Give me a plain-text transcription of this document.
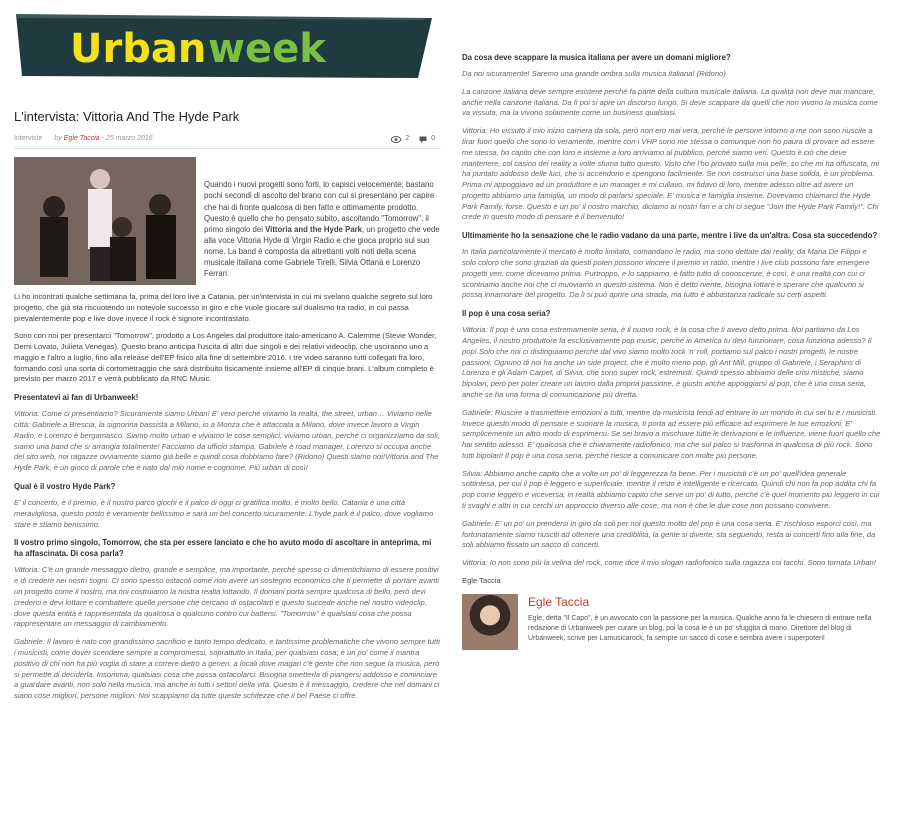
Urban week
L'intervista: Vittoria And The Hyde Park
Interviste by Egle Taccia - 25 marzo 2016	2	0

Quando i nuovi progetti sono forti, lo capisci velocemente; bastano pochi secondi di ascolto del brano con cui si presentano per capire che hai di fronte qualcosa di ben fatto e ottimamente prodotto. Questo è quello che ho pensato subito, ascoltando "Tomorrow", il primo singolo dei Vittoria and the Hyde Park, un progetto che vede alla voce Vittoria Hyde di Virgin Radio e che gioca proprio sul suo nome. La band è composta da altrettanti volti noti della scena musicale italiana come Gabriele Tirelli, Silvia Ottanà e Lorenzo Ferrari.

Li ho incontrati qualche settimana fa, prima del loro live a Catania, per un'intervista in cui mi svelano qualche segreto sul loro progetto, che già sta riscuotendo un notevole successo in giro e che vuole giocare sul dualismo tra radio, in cui passa prevalentemente pop e live dove invece il rock è signore incontrastato.

Sono con noi per presentarci "Tomorrow", prodotto a Los Angeles dal produttore italo-americano A. Calemme (Stevie Wonder, Demi Lovato, Julieta Venegas). Questo brano anticipa l'uscita di altri due singoli e dei relativi videoclip, che usciranno uno a maggio e l'altro a luglio, fino alla release dell'EP fisico alla fine di settembre 2016. I tre video saranno tutti collegati fra loro, formando così una sorta di cortometraggio che sarà distribuito fisicamente insieme all'EP di cinque brani. L'album completo è previsto per marzo 2017 e verrà pubblicato da RNC Music.

Presentatevi ai fan di Urbanweek!

Vittoria: Come ci presentiamo? Sicuramente siamo Urban! E' vero perché viviamo la realtà, the street, urban… Viviamo nelle città: Gabriele a Brescia, la signorina bassista a Milano, io a Monza che è attaccata a Milano, dove invece lavoro a Virgin Radio, e Lorenzo è bergamasco. Siamo molto urban e viviamo le cose semplici, viviamo urban, perché ci organizziamo da soli, siamo una band che si arrangia totalmente! Facciamo da ufficio stampa, Gabriele è road manager, Lorenzo si occupa anche del sito web, noi ragazze ovviamente siamo già belle e quindi cosa dobbiamo fare? (Ridono) Questi siamo noi!Vittoria and The Hyde Park, è un gioco di parole che è nato dal mio nome e cognome. Più urban di così!

Qual è il vostro Hyde Park?

E' il concerto, è il premio, è il nostro parco giochi e il palco di oggi ci gratifica molto, è molto bello. Catania è una città meravigliosa, questo posto è veramente bellissimo e sarà un bel concerto sicuramente. L'hyde park è il palco, dove vogliamo stare e stiamo benissimo.

Il vostro primo singolo, Tomorrow, che sta per essere lanciato e che ho avuto modo di ascoltare in anteprima, mi ha affascinata. Di cosa parla?

Vittoria: C'è un grande messaggio dietro, grande e semplice, ma importante, perché spesso ci dimentichiamo di essere positivi e di credere nei nostri sogni. Ci sono spesso ostacoli come non avere un sostegno economico che ti permette di portare avanti un progetto come il nostro, ma noi costruiamo la nostra realtà lottando. Il domani porta sempre qualcosa di bello, però devi crederci e devi lottare e combattere quelle persone che cercano di ostacolarti e questo succede anche nel nostro videoclip, dove questa entità è rappresentata da qualcosa o qualcuno contro cui battersi. "Tomorrow" è qualsiasi cosa che possa rappresentare un messaggio di cambiamento.

Gabriele: Il lavoro è nato con grandissimo sacrificio e tanto tempo dedicato, e tantissime problematiche che vivono sempre tutti i musicisti, come dover scendere sempre a compromessi, soprattutto in Italia, per qualsiasi cosa; è un po' come il mantra positivo di chi non ha più voglia di stare a correre dietro a generi, a locali dove magari c'è gente che non segue la musica, però si permette di deciderla. Insomma, qualsiasi cosa che possa ostacolarci. Bisogna smetterla di piangersi addosso e cominciare a guardare avanti, non solo nella musica, ma anche in tutti i settori della vita. Questo è il messaggio, credere che nel domani ci siano cose migliori, persone migliori. Noi scappiamo da tutte queste schifezze che il bel Paese ci offre.

Da cosa deve scappare la musica italiana per avere un domani migliore?

Da noi sicuramente! Saremo una grande ombra sulla musica italiana! (Ridono)

La canzone italiana deve sempre esistere perché fa parte della cultura musicale italiana. La qualità non deve mai mancare, anche nella canzone italiana. Da lì poi si apre un discorso lungo. Si deve scappare da quelli che non vivono la musica come va vissuta, ma la vivono solamente come un business qualsiasi.

Vittoria: Ho vissuto il mio inizio carriera da sola, però non ero mai vera, perché le persone intorno a me non sono riuscite a tirar fuori quello che sono io veramente, mentre con i VHP sono me stessa o comunque non ho paura di provare ad essere me stessa, ho capito che con loro e insieme a loro arriviamo al pubblico, perché siamo veri. Questo è ciò che deve mantenere, col casino dei reality a volte sfuma tutto questo. Visto che l'ho provato sulla mia pelle, so che mi ha offuscata, mi ha puntato addosso delle luci, che si accendono e spengono facilmente. Se non costruisci una base solida, è un problema. Prima mi appoggiavo ad un produttore e un manager e mi cullavo, mi fidavo di loro, mentre adesso oltre ad avere un progetto abbiamo una famiglia, un modo di parlarsi speciale. E' musica e famiglia insieme. Dovevamo chiamarci the Hyde Park Family, forse. Questo è un po' il nostro marchio, diciamo ai nostri fan e a chi ci segue "Join the Hyde Park Family!". Chi crede in questo modo di pensare è il benvenuto!

Ultimamente ho la sensazione che le radio vadano da una parte, mentre i live da un'altra. Cosa sta succedendo?

In Italia particolarmente il mercato è molto limitato, comandano le radio, ma sono dettate dai reality, da Maria De Filippi e solo coloro che sono graziati da questi poteri possono vincere il premio in radio, mentre i live club possono fare emergere progetti veri, come dicevamo prima. Purtroppo, e lo sappiamo, è fatto tutto di conoscenze, è così, è una realtà con cui ci scontriamo anche noi che ci muoviamo in questo sistema. Non è detto niente, bisogna lottare e sperare che qualcuno si possa innamorare del progetto. Da lì si può aprire una strada, ma tutto è abbastanza radicale su certi aspetti.

Il pop è una cosa seria?

Vittoria: Il pop è una cosa estremamente seria, è il nuovo rock, è la cosa che ti avevo detto prima. Noi partiamo da Los Angeles, il nostro produttore fa esclusivamente pop music, perché in America tu devi funzionare, cosa funziona adesso? Il pop! Solo che noi ci distinguiamo perché dal vivo siamo molto rock 'n' roll, portiamo sul palco i nostri progetti, le nostre passioni. Ognuno di noi ha anche un side project, che è molto meno pop, gli Ant Mill, gruppo di Gabriele, i Seraphins di Lorenzo e gli Adam Carpet, di Silvia, che sono super rock, estremisti. Quindi spesso abbiamo delle crisi mistiche, siamo bipolari, però per poter creare un lavoro dalla propria passione, è giusto anche appoggiarsi al pop, che è una cosa seria, anche se ha una forma di comunicazione più diretta.

Gabriele: Riuscire a trasmettere emozioni a tutti, mentre da musicista tendi ad entrare in un mondo in cui sei tu e i musicisti. Invece questo modo di pensare e suonare la musica, ti porta ad essere più efficace ad esprimere le tue emozioni. E' semplicemente un altro modo di esprimersi. Se sei bravo a mischiare tutte le derivazioni e le influenze, viene fuori quello che hai sentito adesso. E' qualcosa che è chiaramente radiofonico, ma che sul palco si trasforma in qualcosa di più rock. Sono tutti bipolari! Il pop è una cosa seria, perché riesce a comunicare con molte più persone.

Silvia: Abbiamo anche capito che a volte un po' di leggerezza fa bene. Per i musicisti c'è un po' quell'idea generale sottintesa, per cui il pop è leggero e superficiale, mentre il resto è intelligente e ricercato. Quindi chi non fa pop addita chi fa pop come leggero e viceversa; in realtà abbiamo capito che serve un po' di tutto, perché c'è quel momento più leggero in cui ti svaghi e altri in cui cerchi un approccio diverso alle cose, ma non è che le due cose non possano convivere.

Gabriele: E' un po' un prendersi in giro da soli per noi questo motto del pop è una cosa seria. E' rischioso esporci così, ma fortunatamente siamo riusciti ad ottenere una credibilità, la gente si diverte, sta seguendo, resta ai concerti fino alla fine, da soli abbiamo fissato un sacco di concerti.

Vittoria: Io non sono più la velina del rock, come dice il mio slogan radiofonico sulla ragazza coi tacchi. Sono tornata Urban!

Egle Taccia

Egle Taccia
Egle, detta "Il Capo", è un avvocato con la passione per la musica. Qualche anno fa le chiesero di entrare nella redazione di Urbanweek per curare un blog, poi la cosa le è un po' sfuggita di mano. Direttore del blog di Urbanweek, scrive per Lamusicarock, fa sempre un sacco di cose e sembra avere i superpoteri!
